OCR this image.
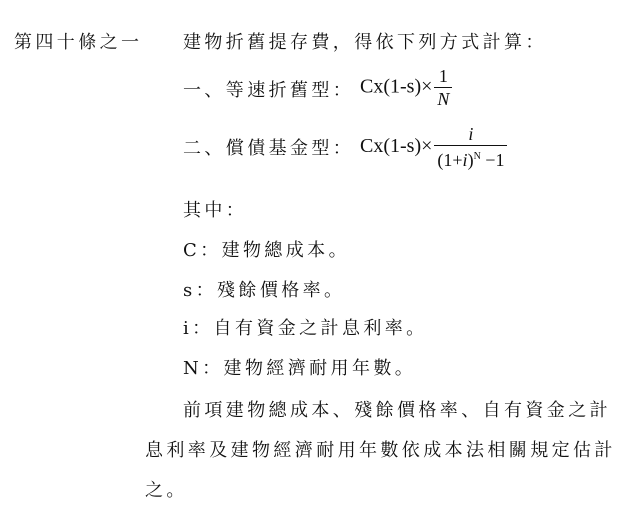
第四十條之一 建物折舊提存費，得依下列方式計算：
一、等速折舊型： $Cx(1-s)\times \frac{1}{N}$
二、償債基金型： $Cx(1-s)\times \frac{i}{(1+i)^N -1}$
其中：
C：建物總成本。
s：殘餘價格率。
i：自有資金之計息利率。
N：建物經濟耐用年數。
前項建物總成本、殘餘價格率、自有資金之計
息利率及建物經濟耐用年數依成本法相關規定估計
之。
